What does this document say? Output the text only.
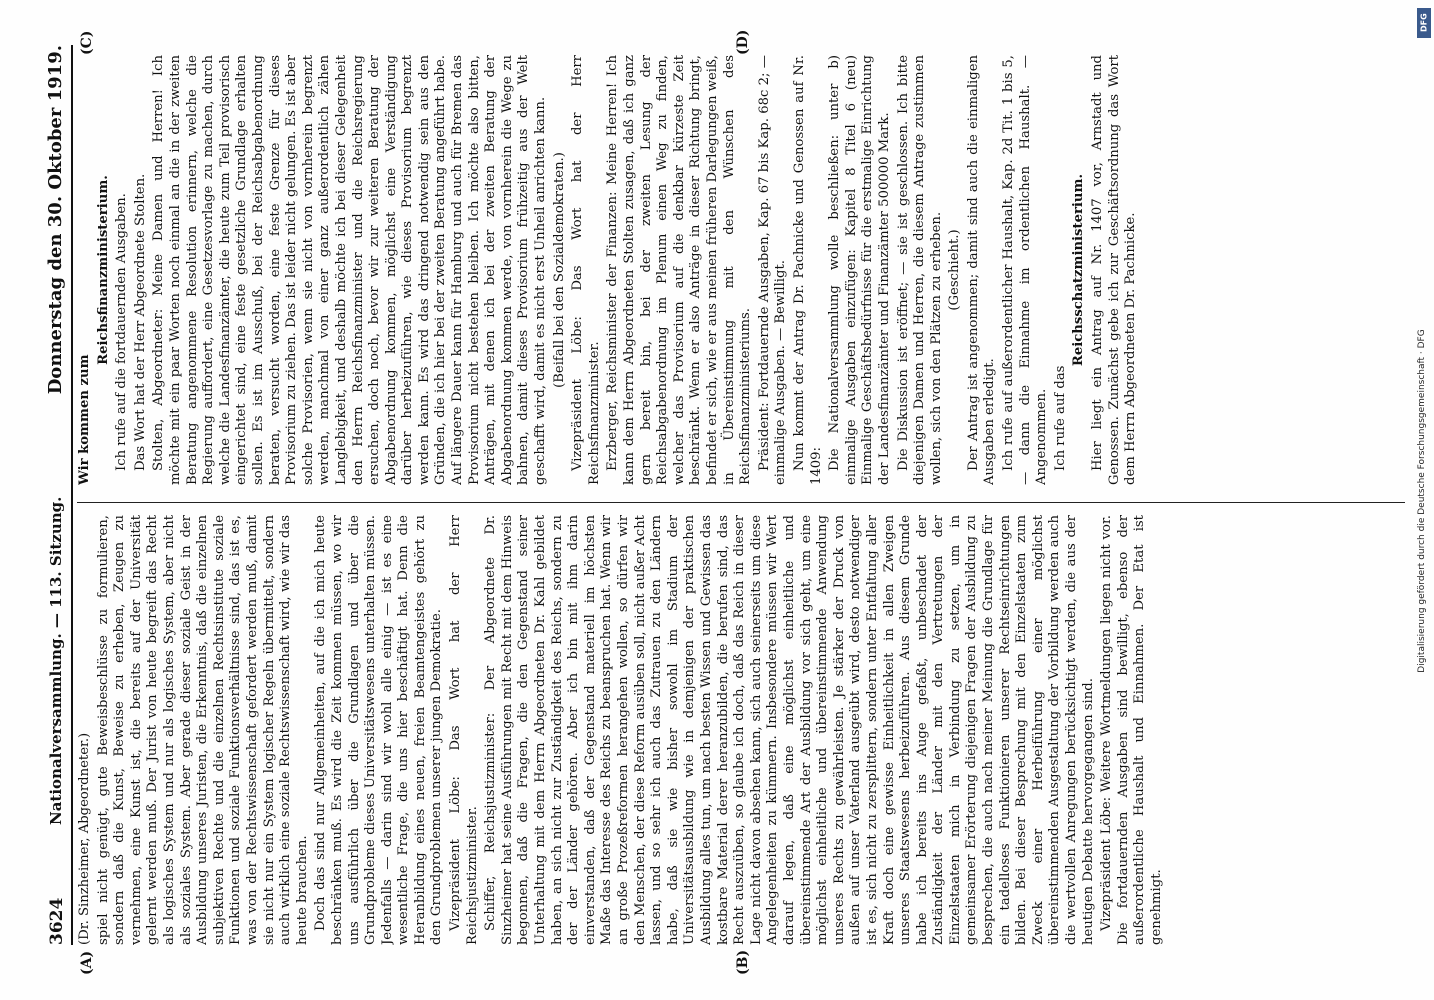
3624
Nationalversammlung. — 113. Sitzung.
Donnerstag den 30. Oktober 1919.
(A)	(B)
(C)	(D)

(Dr. Sinzheimer, Abgeordneter.) spiel nicht genügt, gute Beweisbeschlüsse zu formulieren, sondern daß die Kunst, Beweise zu erheben, Zeugen zu vernehmen, eine Kunst ist, die bereits auf der Universität gelernt werden muß. Der Jurist von heute begreift das Recht als logisches System und nur als logisches System, aber nicht als soziales System. Aber gerade dieser soziale Geist in der Ausbildung unseres Juristen, die Erkenntnis, daß die einzelnen subjektiven Rechte und die einzelnen Rechtsinstitute soziale Funktionen und soziale Funktionsverhältnisse sind, das ist es, was von der Rechtswissenschaft gefordert werden muß, damit sie nicht nur ein System logischer Regeln übermittelt, sondern auch wirklich eine soziale Rechtswissenschaft wird, wie wir das heute brauchen. Doch das sind nur Allgemeinheiten, auf die ich mich heute beschränken muß. Es wird die Zeit kommen müssen, wo wir uns ausführlich über die Grundlagen und über die Grundprobleme dieses Universitätswesens unterhalten müssen. Jedenfalls — darin sind wir wohl alle einig — ist es eine wesentliche Frage, die uns hier beschäftigt hat. Denn die Heranbildung eines neuen, freien Beamtengeistes gehört zu den Grundproblemen unserer jungen Demokratie. Vizepräsident Löbe: Das Wort hat der Herr Reichsjustizminister. Schiffer, Reichsjustizminister: Der Abgeordnete Dr. Sinzheimer hat seine Ausführungen mit Recht mit dem Hinweis begonnen, daß die Fragen, die den Gegenstand seiner Unterhaltung mit dem Herrn Abgeordneten Dr. Kahl gebildet haben, an sich nicht zur Zuständigkeit des Reichs, sondern zu der der Länder gehören. Aber ich bin mit ihm darin einverstanden, daß der Gegenstand materiell im höchsten Maße das Interesse des Reichs zu beanspruchen hat. Wenn wir an große Prozeßreformen herangehen wollen, so dürfen wir den Menschen, der diese Reform ausüben soll, nicht außer Acht lassen, und so sehr ich auch das Zutrauen zu den Ländern habe, daß sie wie bisher sowohl im Stadium der Universitätsausbildung wie in demjenigen der praktischen Ausbildung alles tun, um nach besten Wissen und Gewissen das kostbare Material derer heranzubilden, die berufen sind, das Recht auszuüben, so glaube ich doch, daß das Reich in dieser Lage nicht davon absehen kann, sich auch seinerseits um diese Angelegenheiten zu kümmern. Insbesondere müssen wir Wert darauf legen, daß eine möglichst einheitliche und übereinstimmende Art der Ausbildung vor sich geht, um eine möglichst einheitliche und übereinstimmende Anwendung unseres Rechts zu gewährleisten. Je stärker der Druck von außen auf unser Vaterland ausgeübt wird, desto notwendiger ist es, sich nicht zu zersplittern, sondern unter Entfaltung aller Kraft doch eine gewisse Einheitlichkeit in allen Zweigen unseres Staatswesens herbeizuführen. Aus diesem Grunde habe ich bereits ins Auge gefaßt, unbeschadet der Zuständigkeit der Länder mit den Vertretungen der Einzelstaaten mich in Verbindung zu setzen, um in gemeinsamer Erörterung diejenigen Fragen der Ausbildung zu besprechen, die auch nach meiner Meinung die Grundlage für ein tadelloses Funktionieren unserer Rechtseinrichtungen bilden. Bei dieser Besprechung mit den Einzelstaaten zum Zweck einer Herbeiführung einer möglichst übereinstimmenden Ausgestaltung der Vorbildung werden auch die wertvollen Anregungen berücksichtigt werden, die aus der heutigen Debatte hervorgegangen sind. Vizepräsident Löbe: Weitere Wortmeldungen liegen nicht vor. Die fortdauernden Ausgaben sind bewilligt, ebenso der außerordentliche Haushalt und Einnahmen. Der Etat ist genehmigt.

Wir kommen zum

Reichsfinanzministerium. Ich rufe auf die fortdauernden Ausgaben. Das Wort hat der Herr Abgeordnete Stolten. Stolten, Abgeordneter: Meine Damen und Herren! Ich möchte mit ein paar Worten noch einmal an die in der zweiten Beratung angenommene Resolution erinnern, welche die Regierung auffordert, eine Gesetzesvorlage zu machen, durch welche die Landesfinanzämter, die heute zum Teil provisorisch eingerichtet sind, eine feste gesetzliche Grundlage erhalten sollen. Es ist im Ausschuß, bei der Reichsabgabenordnung beraten, versucht worden, eine feste Grenze für dieses Provisorium zu ziehen. Das ist leider nicht gelungen. Es ist aber solche Provisorien, wenn sie nicht von vornherein begrenzt werden, manchmal von einer ganz außerordentlich zähen Langlebigkeit, und deshalb möchte ich bei dieser Gelegenheit den Herrn Reichsfinanzminister und die Reichsregierung ersuchen, doch noch, bevor wir zur weiteren Beratung der Abgabenordnung kommen, möglichst eine Verständigung darüber herbeizuführen, wie dieses Provisorium begrenzt werden kann. Es wird das dringend notwendig sein aus den Gründen, die ich hier bei der zweiten Beratung angeführt habe. Auf längere Dauer kann für Hamburg und auch für Bremen das Provisorium nicht bestehen bleiben. Ich möchte also bitten, Anträgen, mit denen ich bei der zweiten Beratung der Abgabenordnung kommen werde, von vornherein die Wege zu bahnen, damit dieses Provisorium frühzeitig aus der Welt geschafft wird, damit es nicht erst Unheil anrichten kann. (Beifall bei den Sozialdemokraten.) Vizepräsident Löbe: Das Wort hat der Herr Reichsfinanzminister. Erzberger, Reichsminister der Finanzen: Meine Herren! Ich kann dem Herrn Abgeordneten Stolten zusagen, daß ich ganz gern bereit bin, bei der zweiten Lesung der Reichsabgabenordnung im Plenum einen Weg zu finden, welcher das Provisorium auf die denkbar kürzeste Zeit beschränkt. Wenn er also Anträge in dieser Richtung bringt, befindet er sich, wie er aus meinen früheren Darlegungen weiß, in Übereinstimmung mit den Wünschen des Reichsfinanzministeriums. Präsident: Fortdauernde Ausgaben, Kap. 67 bis Kap. 68c 2; — einmalige Ausgaben. — Bewilligt. Nun kommt der Antrag Dr. Pachnicke und Genossen auf Nr. 1409: Die Nationalversammlung wolle beschließen: unter b) einmalige Ausgaben einzufügen: Kapitel 8 Titel 6 (neu) Einmalige Geschäftsbedürfnisse für die erstmalige Einrichtung der Landesfinanzämter und Finanzämter 500000 Mark. Die Diskussion ist eröffnet; — sie ist geschlossen. Ich bitte diejenigen Damen und Herren, die diesem Antrage zustimmen wollen, sich von den Plätzen zu erheben. (Geschieht.) Der Antrag ist angenommen; damit sind auch die einmaligen Ausgaben erledigt. Ich rufe auf außerordentlicher Haushalt, Kap. 2d Tit. 1 bis 5, — dann die Einnahme im ordentlichen Haushalt. — Angenommen. Ich rufe auf das

Reichsschatzministerium. Hier liegt ein Antrag auf Nr. 1407 vor, Arnstadt und Genossen. Zunächst gebe ich zur Geschäftsordnung das Wort dem Herrn Abgeordneten Dr. Pachnicke.	Digitalisierung gefördert durch die Deutsche Forschungsgemeinschaft · DFG
DFG
